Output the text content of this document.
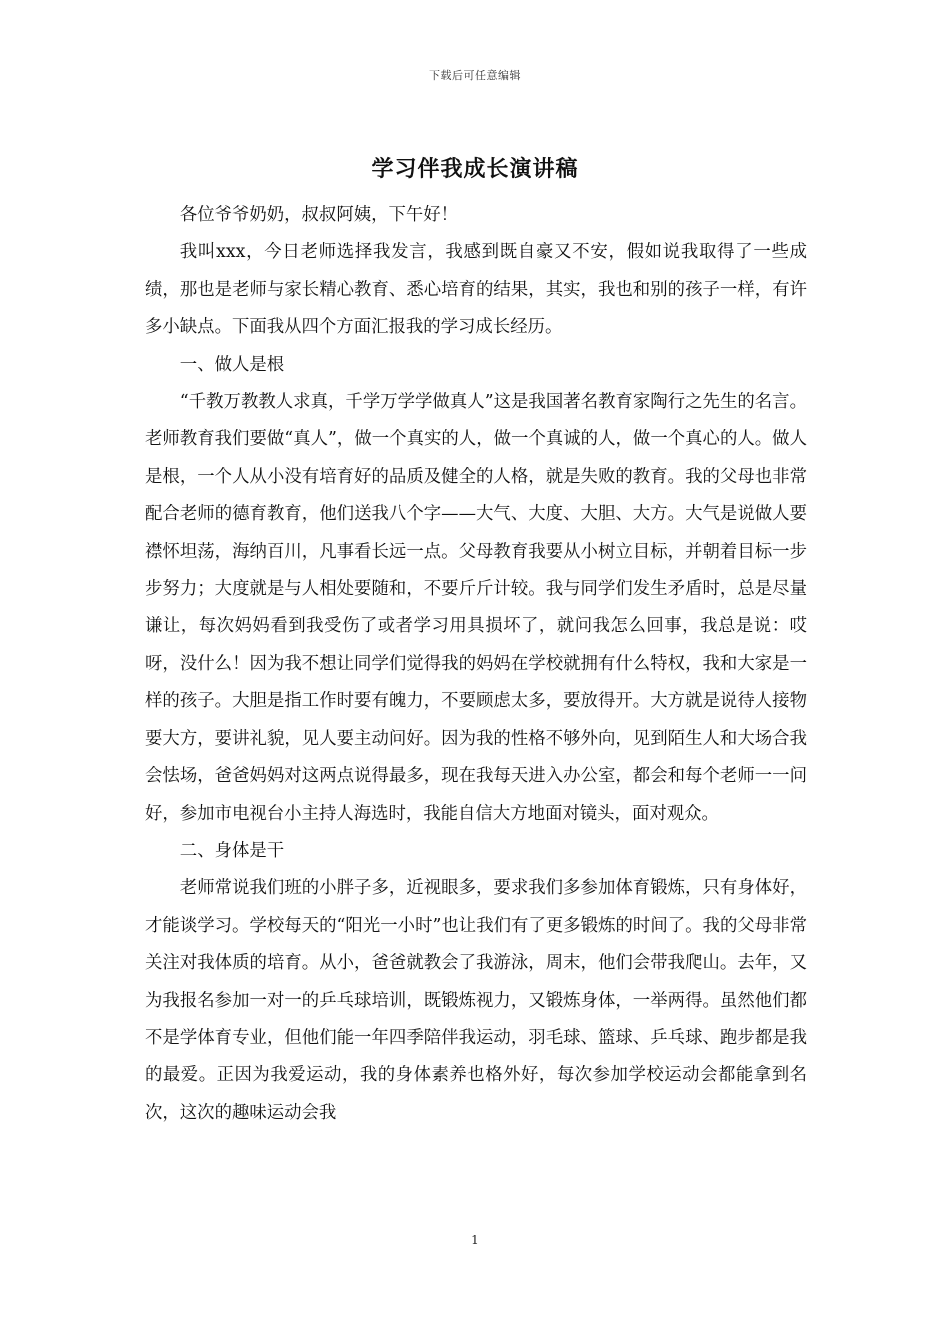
下载后可任意编辑
学习伴我成长演讲稿

各位爷爷奶奶，叔叔阿姨，下午好！

我叫xxx，今日老师选择我发言，我感到既自豪又不安，假如说我取得了一些成绩，那也是老师与家长精心教育、悉心培育的结果，其实，我也和别的孩子一样，有许多小缺点。下面我从四个方面汇报我的学习成长经历。

一、做人是根

“千教万教教人求真，千学万学学做真人”这是我国著名教育家陶行之先生的名言。老师教育我们要做“真人”，做一个真实的人，做一个真诚的人，做一个真心的人。做人是根，一个人从小没有培育好的品质及健全的人格，就是失败的教育。我的父母也非常配合老师的德育教育，他们送我八个字——大气、大度、大胆、大方。大气是说做人要襟怀坦荡，海纳百川，凡事看长远一点。父母教育我要从小树立目标，并朝着目标一步步努力；大度就是与人相处要随和，不要斤斤计较。我与同学们发生矛盾时，总是尽量谦让，每次妈妈看到我受伤了或者学习用具损坏了，就问我怎么回事，我总是说：哎呀，没什么！因为我不想让同学们觉得我的妈妈在学校就拥有什么特权，我和大家是一样的孩子。大胆是指工作时要有魄力，不要顾虑太多，要放得开。大方就是说待人接物要大方，要讲礼貌，见人要主动问好。因为我的性格不够外向，见到陌生人和大场合我会怯场，爸爸妈妈对这两点说得最多，现在我每天进入办公室，都会和每个老师一一问好，参加市电视台小主持人海选时，我能自信大方地面对镜头，面对观众。

二、身体是干

老师常说我们班的小胖子多，近视眼多，要求我们多参加体育锻炼，只有身体好，才能谈学习。学校每天的“阳光一小时”也让我们有了更多锻炼的时间了。我的父母非常关注对我体质的培育。从小，爸爸就教会了我游泳，周末，他们会带我爬山。去年，又为我报名参加一对一的乒乓球培训，既锻炼视力，又锻炼身体，一举两得。虽然他们都不是学体育专业，但他们能一年四季陪伴我运动，羽毛球、篮球、乒乓球、跑步都是我的最爱。正因为我爱运动，我的身体素养也格外好，每次参加学校运动会都能拿到名次，这次的趣味运动会我

1
